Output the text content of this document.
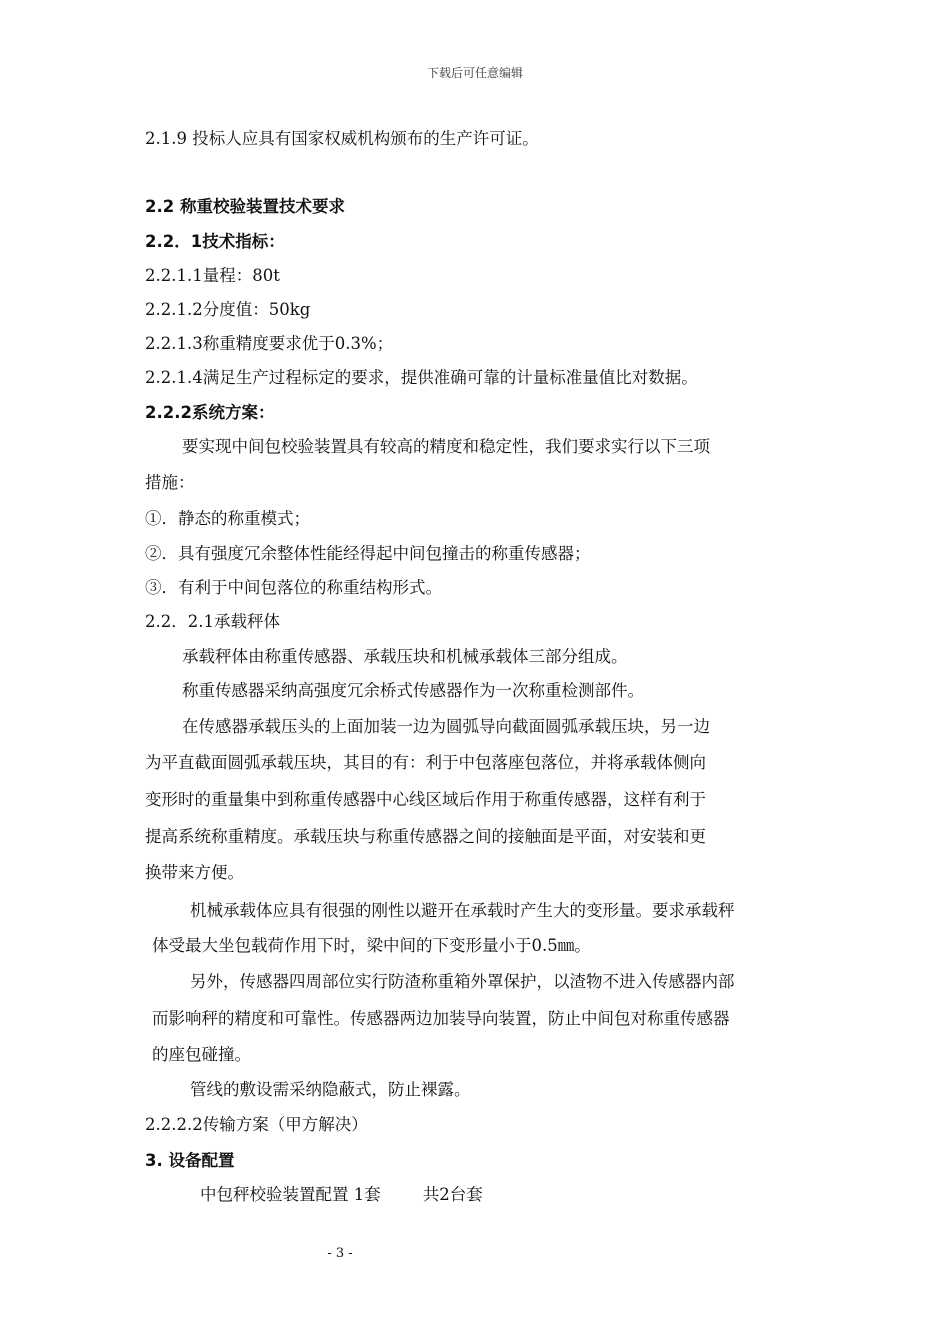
下载后可任意编辑
2.1.9 投标人应具有国家权威机构颁布的生产许可证。
2.2 称重校验装置技术要求
2.2．1技术指标：
2.2.1.1量程：80t
2.2.1.2分度值：50kg
2.2.1.3称重精度要求优于0.3%；
2.2.1.4满足生产过程标定的要求，提供准确可靠的计量标准量值比对数据。
2.2.2系统方案：
要实现中间包校验装置具有较高的精度和稳定性，我们要求实行以下三项
措施：
①．静态的称重模式；
②．具有强度冗余整体性能经得起中间包撞击的称重传感器；
③．有利于中间包落位的称重结构形式。
2.2．2.1承载秤体
承载秤体由称重传感器、承载压块和机械承载体三部分组成。
称重传感器采纳高强度冗余桥式传感器作为一次称重检测部件。
在传感器承载压头的上面加装一边为圆弧导向截面圆弧承载压块，另一边
为平直截面圆弧承载压块，其目的有：利于中包落座包落位，并将承载体侧向
变形时的重量集中到称重传感器中心线区域后作用于称重传感器，这样有利于
提高系统称重精度。承载压块与称重传感器之间的接触面是平面，对安装和更
换带来方便。
机械承载体应具有很强的刚性以避开在承载时产生大的变形量。要求承载秤
体受最大坐包载荷作用下时，梁中间的下变形量小于0.5㎜。
另外，传感器四周部位实行防渣称重箱外罩保护，以渣物不进入传感器内部
而影响秤的精度和可靠性。传感器两边加装导向装置，防止中间包对称重传感器
的座包碰撞。
管线的敷设需采纳隐蔽式，防止裸露。
2.2.2.2传输方案（甲方解决）
3. 设备配置
中包秤校验装置配置 1套        共2台套
- 3 -
